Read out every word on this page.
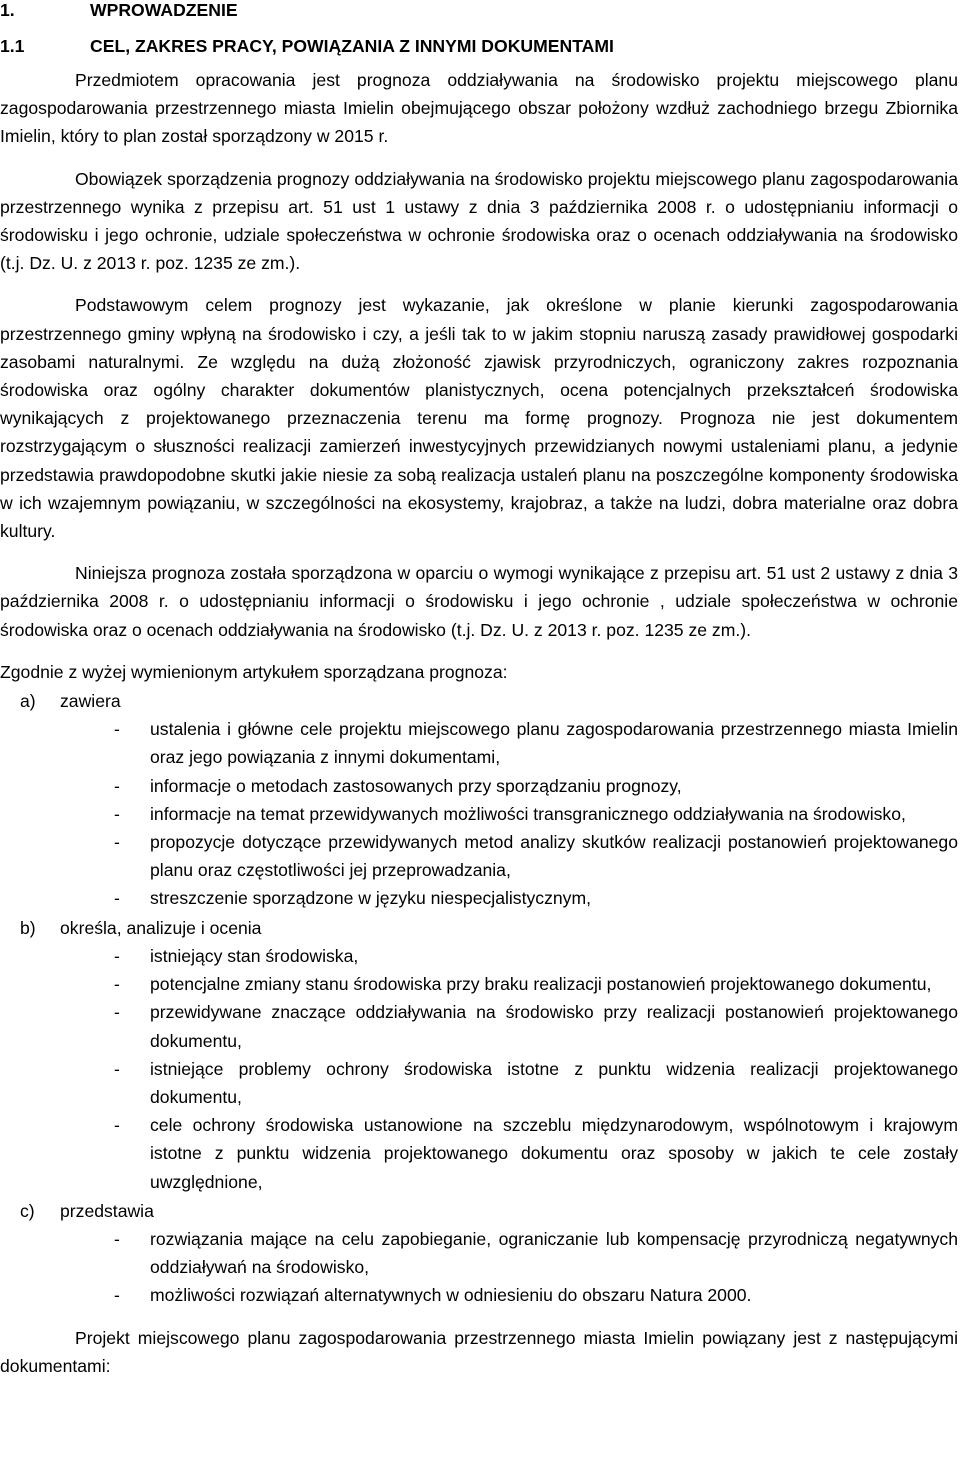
1.	WPROWADZENIE
1.1	CEL, ZAKRES PRACY, POWIĄZANIA Z INNYMI DOKUMENTAMI

Przedmiotem opracowania jest prognoza oddziaływania na środowisko projektu miejscowego planu zagospodarowania przestrzennego miasta Imielin obejmującego obszar położony wzdłuż zachodniego brzegu Zbiornika Imielin, który to plan został sporządzony w 2015 r.

Obowiązek sporządzenia prognozy oddziaływania na środowisko projektu miejscowego planu zagospodarowania przestrzennego wynika z przepisu art. 51 ust 1 ustawy z dnia 3 października 2008 r. o udostępnianiu informacji o środowisku i jego ochronie, udziale społeczeństwa w ochronie środowiska oraz o ocenach oddziaływania na środowisko (t.j. Dz. U. z 2013 r. poz. 1235 ze zm.).

Podstawowym celem prognozy jest wykazanie, jak określone w planie kierunki zagospodarowania przestrzennego gminy wpłyną na środowisko i czy, a jeśli tak to w jakim stopniu naruszą zasady prawidłowej gospodarki zasobami naturalnymi. Ze względu na dużą złożoność zjawisk przyrodniczych, ograniczony zakres rozpoznania środowiska oraz ogólny charakter dokumentów planistycznych, ocena potencjalnych przekształceń środowiska wynikających z projektowanego przeznaczenia terenu ma formę prognozy. Prognoza nie jest dokumentem rozstrzygającym o słuszności realizacji zamierzeń inwestycyjnych przewidzianych nowymi ustaleniami planu, a jedynie przedstawia prawdopodobne skutki jakie niesie za sobą realizacja ustaleń planu na poszczególne komponenty środowiska w ich wzajemnym powiązaniu, w szczególności na ekosystemy, krajobraz, a także na ludzi, dobra materialne oraz dobra kultury.

Niniejsza prognoza została sporządzona w oparciu o wymogi wynikające z przepisu art. 51 ust 2 ustawy z dnia 3 października 2008 r. o udostępnianiu informacji o środowisku i jego ochronie , udziale społeczeństwa w ochronie środowiska oraz o ocenach oddziaływania na środowisko (t.j. Dz. U. z 2013 r. poz. 1235 ze zm.).

Zgodnie z wyżej wymienionym artykułem sporządzana prognoza:

a)	zawiera
- ustalenia i główne cele projektu miejscowego planu zagospodarowania przestrzennego miasta Imielin oraz jego powiązania z innymi dokumentami,
- informacje o metodach zastosowanych przy sporządzaniu prognozy,
- informacje na temat przewidywanych możliwości transgranicznego oddziaływania na środowisko,
- propozycje dotyczące przewidywanych metod analizy skutków realizacji postanowień projektowanego planu oraz częstotliwości jej przeprowadzania,
- streszczenie sporządzone w języku niespecjalistycznym,
b)	określa, analizuje i ocenia
- istniejący stan środowiska,
- potencjalne zmiany stanu środowiska przy braku realizacji postanowień projektowanego dokumentu,
- przewidywane znaczące oddziaływania na środowisko przy realizacji postanowień projektowanego dokumentu,
- istniejące problemy ochrony środowiska istotne z punktu widzenia realizacji projektowanego dokumentu,
- cele ochrony środowiska ustanowione na szczeblu międzynarodowym, wspólnotowym i krajowym istotne z punktu widzenia projektowanego dokumentu oraz sposoby w jakich te cele zostały uwzględnione,
c)	przedstawia
- rozwiązania mające na celu zapobieganie, ograniczanie lub kompensację przyrodniczą negatywnych oddziaływań na środowisko,
- możliwości rozwiązań alternatywnych w odniesieniu do obszaru Natura 2000.

Projekt miejscowego planu zagospodarowania przestrzennego miasta Imielin powiązany jest z następującymi dokumentami:
